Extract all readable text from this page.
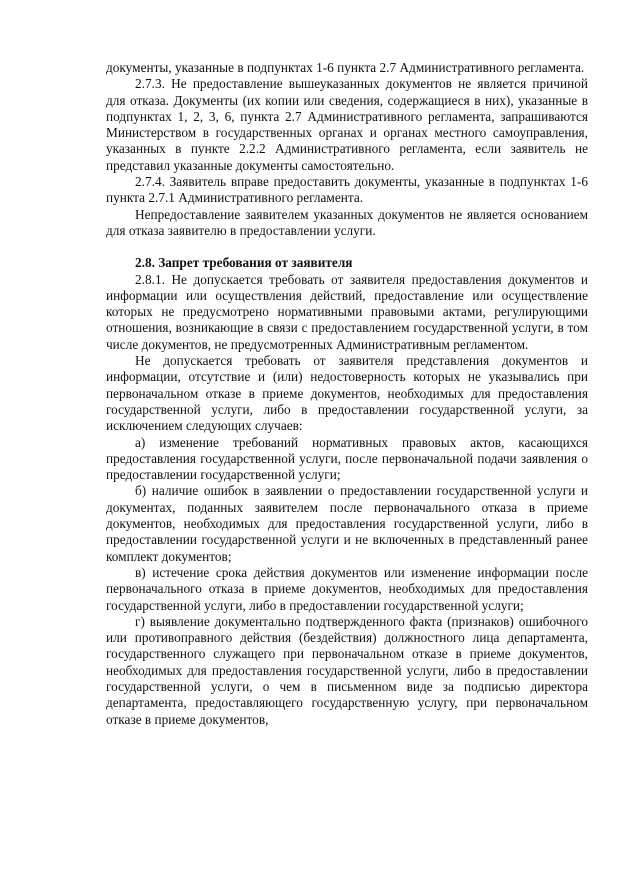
документы, указанные в подпунктах 1-6 пункта 2.7 Административного регламента.

2.7.3. Не предоставление вышеуказанных документов не является причиной для отказа. Документы (их копии или сведения, содержащиеся в них), указанные в подпунктах 1, 2, 3, 6, пункта 2.7 Административного регламента, запрашиваются Министерством в государственных органах и органах местного самоуправления, указанных в пункте 2.2.2 Административного регламента, если заявитель не представил указанные документы самостоятельно.

2.7.4. Заявитель вправе предоставить документы, указанные в подпунктах 1-6 пункта 2.7.1 Административного регламента.

Непредоставление заявителем указанных документов не является основанием для отказа заявителю в предоставлении услуги.

2.8. Запрет требования от заявителя

2.8.1. Не допускается требовать от заявителя предоставления документов и информации или осуществления действий, предоставление или осуществление которых не предусмотрено нормативными правовыми актами, регулирующими отношения, возникающие в связи с предоставлением государственной услуги, в том числе документов, не предусмотренных Административным регламентом.

Не допускается требовать от заявителя представления документов и информации, отсутствие и (или) недостоверность которых не указывались при первоначальном отказе в приеме документов, необходимых для предоставления государственной услуги, либо в предоставлении государственной услуги, за исключением следующих случаев:

а) изменение требований нормативных правовых актов, касающихся предоставления государственной услуги, после первоначальной подачи заявления о предоставлении государственной услуги;

б) наличие ошибок в заявлении о предоставлении государственной услуги и документах, поданных заявителем после первоначального отказа в приеме документов, необходимых для предоставления государственной услуги, либо в предоставлении государственной услуги и не включенных в представленный ранее комплект документов;

в) истечение срока действия документов или изменение информации после первоначального отказа в приеме документов, необходимых для предоставления государственной услуги, либо в предоставлении государственной услуги;

г) выявление документально подтвержденного факта (признаков) ошибочного или противоправного действия (бездействия) должностного лица департамента, государственного служащего при первоначальном отказе в приеме документов, необходимых для предоставления государственной услуги, либо в предоставлении государственной услуги, о чем в письменном виде за подписью директора департамента, предоставляющего государственную услугу, при первоначальном отказе в приеме документов,
